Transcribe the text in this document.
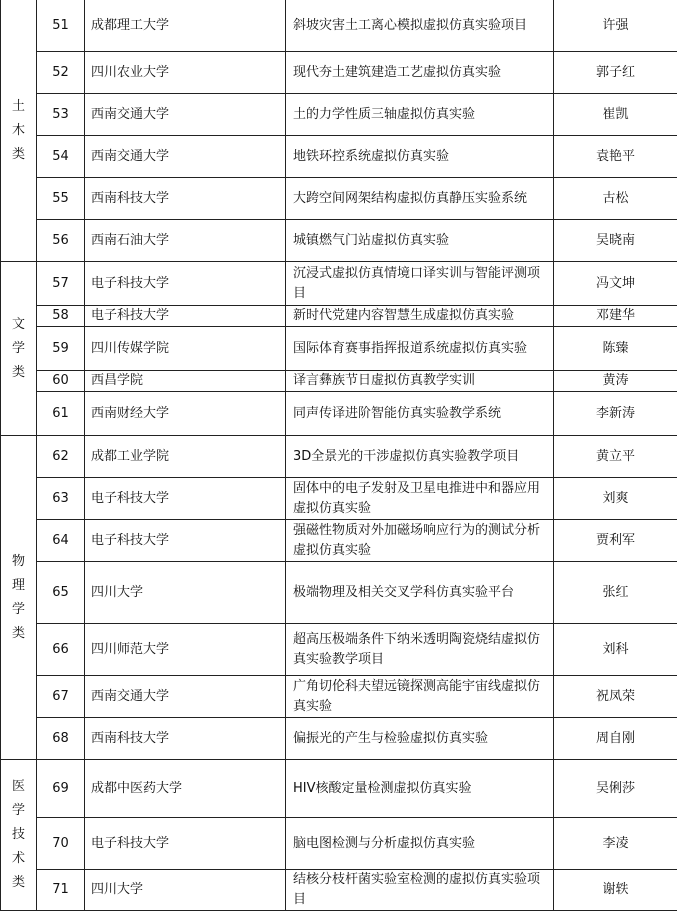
土
木
类	51	成都理工大学	斜坡灾害土工离心模拟虚拟仿真实验项目	许强
	52	四川农业大学	现代夯土建筑建造工艺虚拟仿真实验	郭子红
	53	西南交通大学	土的力学性质三轴虚拟仿真实验	崔凯
	54	西南交通大学	地铁环控系统虚拟仿真实验	袁艳平
	55	西南科技大学	大跨空间网架结构虚拟仿真静压实验系统	古松
	56	西南石油大学	城镇燃气门站虚拟仿真实验	吴晓南

文
学
类	57	电子科技大学	沉浸式虚拟仿真情境口译实训与智能评测项目	冯文坤
	58	电子科技大学	新时代党建内容智慧生成虚拟仿真实验	邓建华
	59	四川传媒学院	国际体育赛事指挥报道系统虚拟仿真实验	陈臻
	60	西昌学院	译言彝族节日虚拟仿真教学实训	黄涛
	61	西南财经大学	同声传译进阶智能仿真实验教学系统	李新涛

物
理
学
类	62	成都工业学院	3D全景光的干涉虚拟仿真实验教学项目	黄立平
	63	电子科技大学	固体中的电子发射及卫星电推进中和器应用虚拟仿真实验	刘爽
	64	电子科技大学	强磁性物质对外加磁场响应行为的测试分析虚拟仿真实验	贾利军
	65	四川大学	极端物理及相关交叉学科仿真实验平台	张红
	66	四川师范大学	超高压极端条件下纳米透明陶瓷烧结虚拟仿真实验教学项目	刘科
	67	西南交通大学	广角切伦科夫望远镜探测高能宇宙线虚拟仿真实验	祝凤荣
	68	西南科技大学	偏振光的产生与检验虚拟仿真实验	周自刚

医
学
技
术
类	69	成都中医药大学	HIV核酸定量检测虚拟仿真实验	吴俐莎
	70	电子科技大学	脑电图检测与分析虚拟仿真实验	李凌
	71	四川大学	结核分枝杆菌实验室检测的虚拟仿真实验项目	谢轶
